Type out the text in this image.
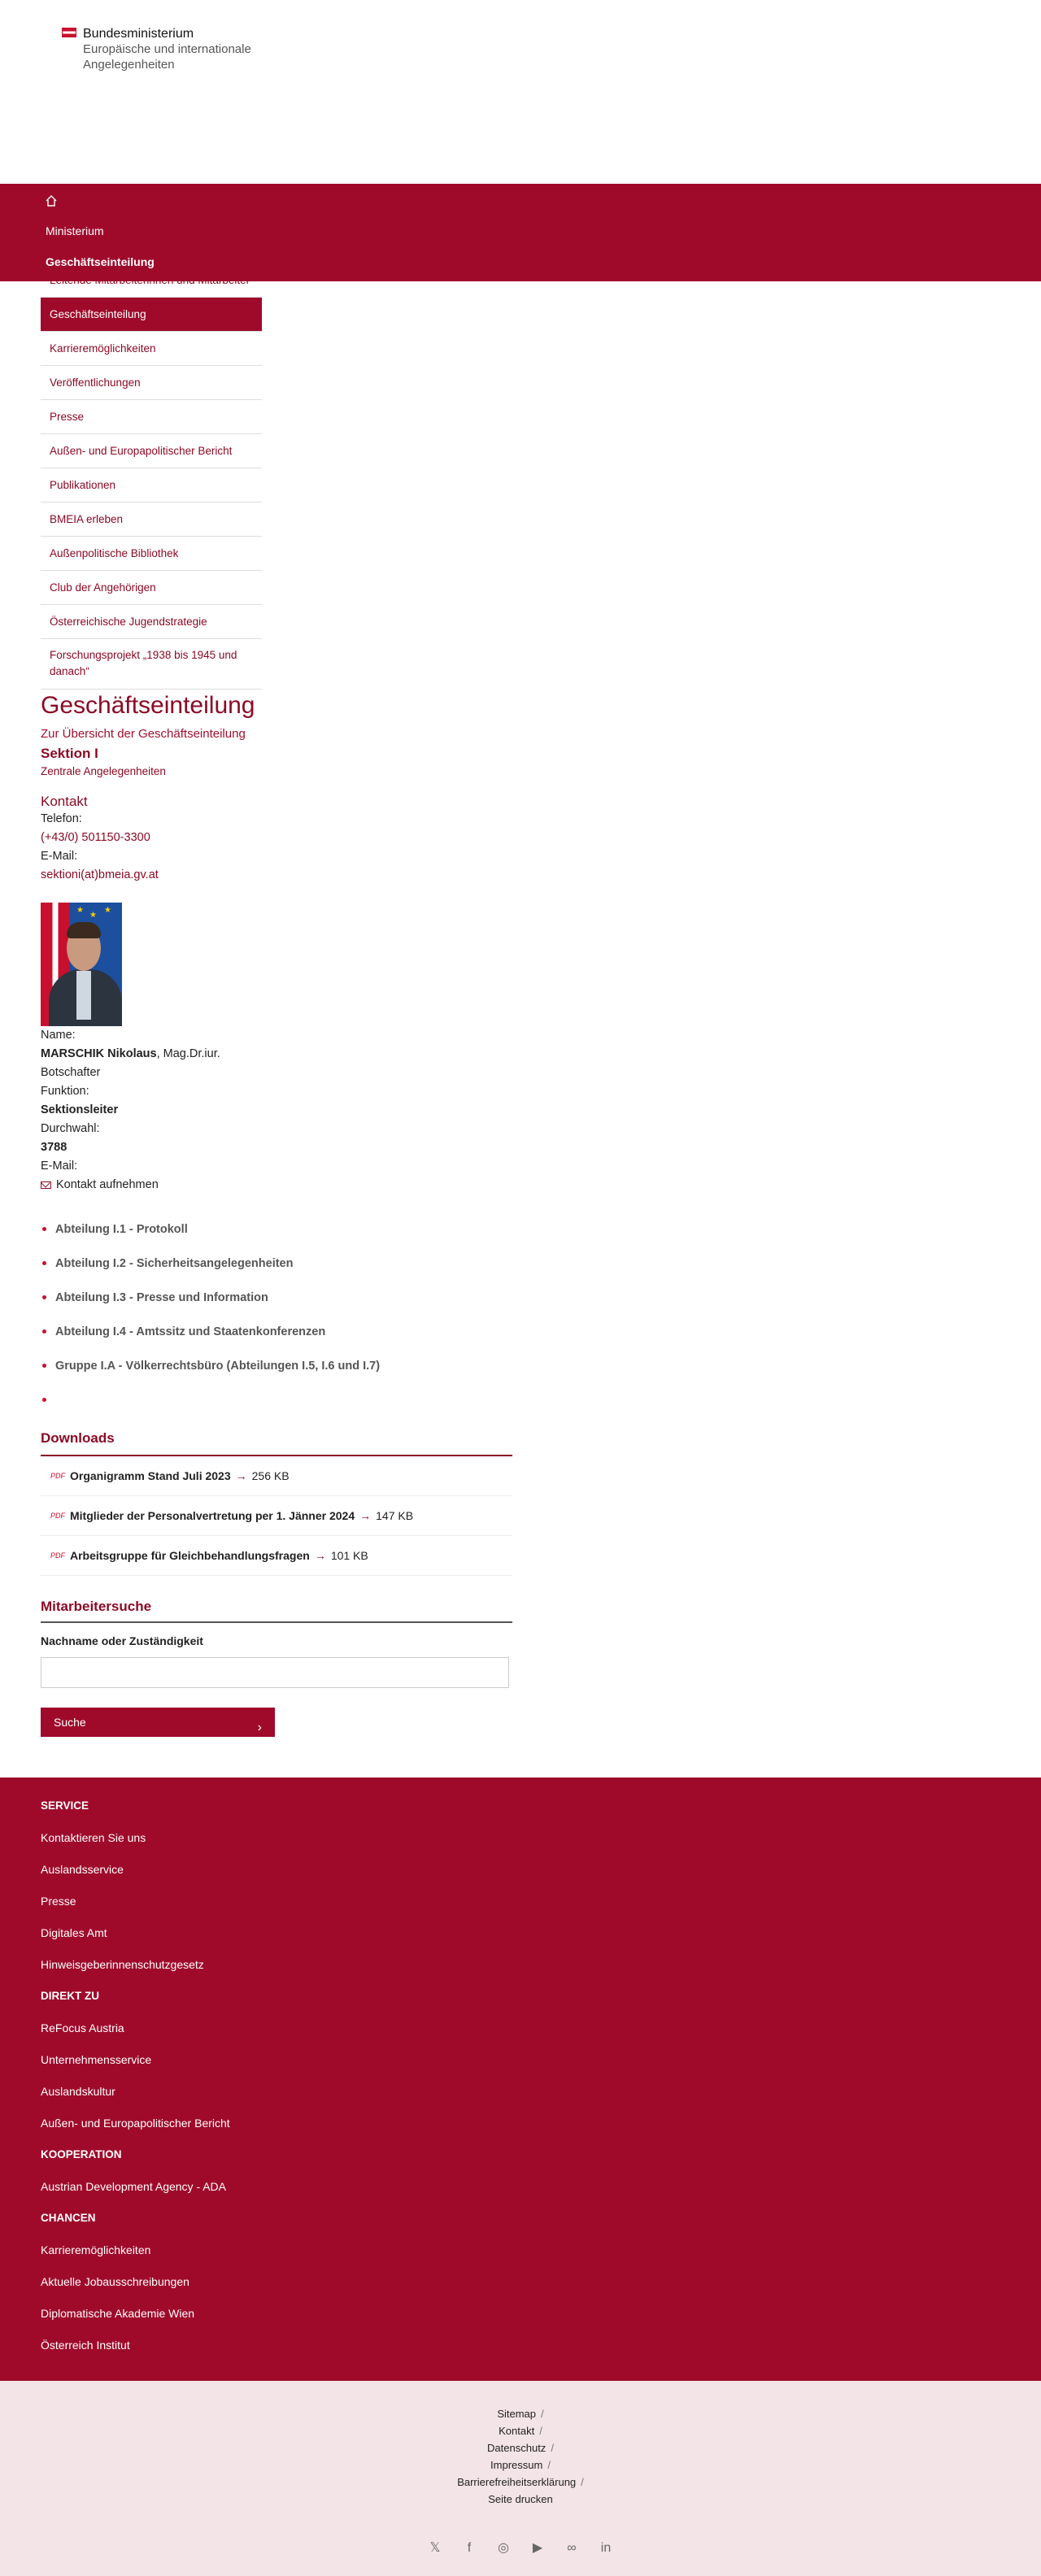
Bundesministerium
Europäische und internationale
Angelegenheiten
Ministerium
Geschäftseinteilung
Geschäftseinteilung
Karrieremöglichkeiten
Veröffentlichungen
Presse
Außen- und Europapolitischer Bericht
Publikationen
BMEIA erleben
Außenpolitische Bibliothek
Club der Angehörigen
Österreichische Jugendstrategie
Forschungsprojekt „1938 bis 1945 und danach“
Geschäftseinteilung
Zur Übersicht der Geschäftseinteilung
Sektion I
Zentrale Angelegenheiten
Kontakt
Telefon:
(+43/0) 501150-3300
E-Mail:
sektioni(at)bmeia.gv.at
★
★
★
Name:
MARSCHIK Nikolaus, Mag.Dr.iur.
Botschafter
Funktion:
Sektionsleiter
Durchwahl:
3788
E-Mail:
Kontakt aufnehmen
Abteilung I.1 - Protokoll
Abteilung I.2 - Sicherheitsangelegenheiten
Abteilung I.3 - Presse und Information
Abteilung I.4 - Amtssitz und Staatenkonferenzen
Gruppe I.A - Völkerrechtsbüro (Abteilungen I.5, I.6 und I.7)
Downloads
PDF Organigramm Stand Juli 2023 → 256 KB
PDF Mitglieder der Personalvertretung per 1. Jänner 2024 → 147 KB
PDF Arbeitsgruppe für Gleichbehandlungsfragen → 101 KB
Mitarbeitersuche
Nachname oder Zuständigkeit
Suche	›
SERVICE
Kontaktieren Sie uns
Auslandsservice
Presse
Digitales Amt
Hinweisgeberinnenschutzgesetz
DIREKT ZU
ReFocus Austria
Unternehmensservice
Auslandskultur
Außen- und Europapolitischer Bericht
KOOPERATION
Austrian Development Agency - ADA
CHANCEN
Karrieremöglichkeiten
Aktuelle Jobausschreibungen
Diplomatische Akademie Wien
Österreich Institut
Sitemap /
Kontakt /
Datenschutz /
Impressum /
Barrierefreiheitserklärung /
Seite drucken
𝕏	f	◎ ▶ ∞ in
